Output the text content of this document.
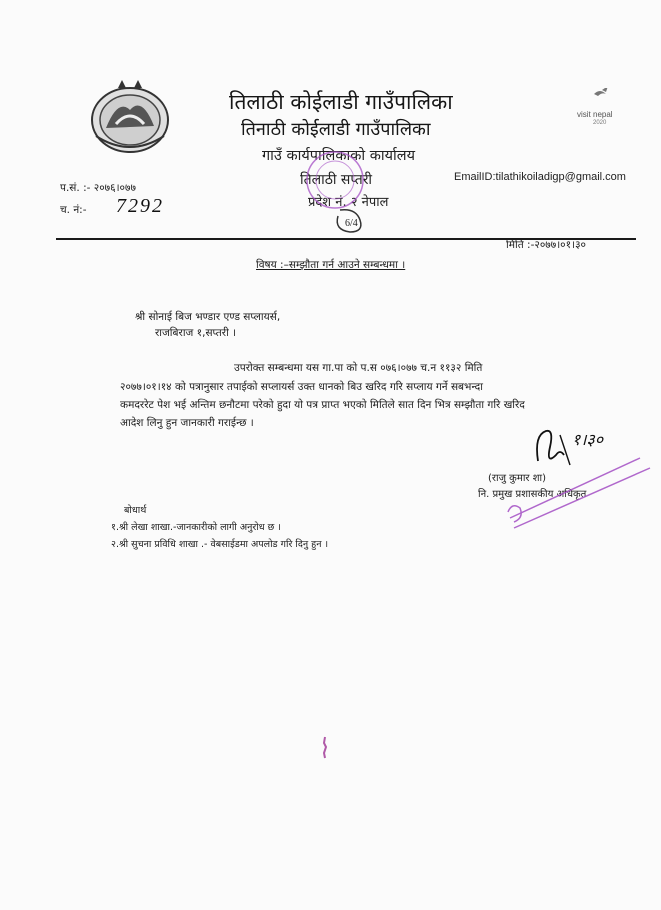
visit nepal
2020
तिलाठी कोईलाडी गाउँपालिका
तिनाठी कोर्ईलाडी गाउँपालिका
गाउँ कार्यपालिकाको कार्यालय
तिलाठी सप्तरी
प्रदेश नं. २ नेपाल
EmailID:tilathikoiladigp@gmail.com
6/4
प.सं. :- २०७६।०७७
च. नं:- 7292
मिति :-२०७७।०१।३०
विषय :–सम्झौता गर्न आउने सम्बन्धमा ।
श्री सोनाई बिज भण्डार एण्ड सप्लायर्स,
राजबिराज १,सप्तरी ।
उपरोक्त सम्बन्धमा यस गा.पा को प.स ०७६।०७७ च.न ११३२ मिति
२०७७।०१।१४ को पत्रानुसार तपाईको सप्लायर्स उक्त धानको बिउ खरिद गरि सप्लाय गर्ने सबभन्दा
कमदररेट पेश भई अन्तिम छनौटमा परेको हुदा यो पत्र प्राप्त भएको मितिले सात दिन भित्र सम्झौता गरि खरिद
आदेश लिनु हुन जानकारी गराईन्छ ।
१।३०
(राजु कुमार शा)
नि. प्रमुख प्रशासकीय अधिकृत
बोधार्थ
१.श्री लेखा शाखा.-जानकारीको लागी अनुरोध छ ।
२.श्री सुचना प्रविधि शाखा .- वेबसाईडमा अपलोड गरि दिनु हुन ।
